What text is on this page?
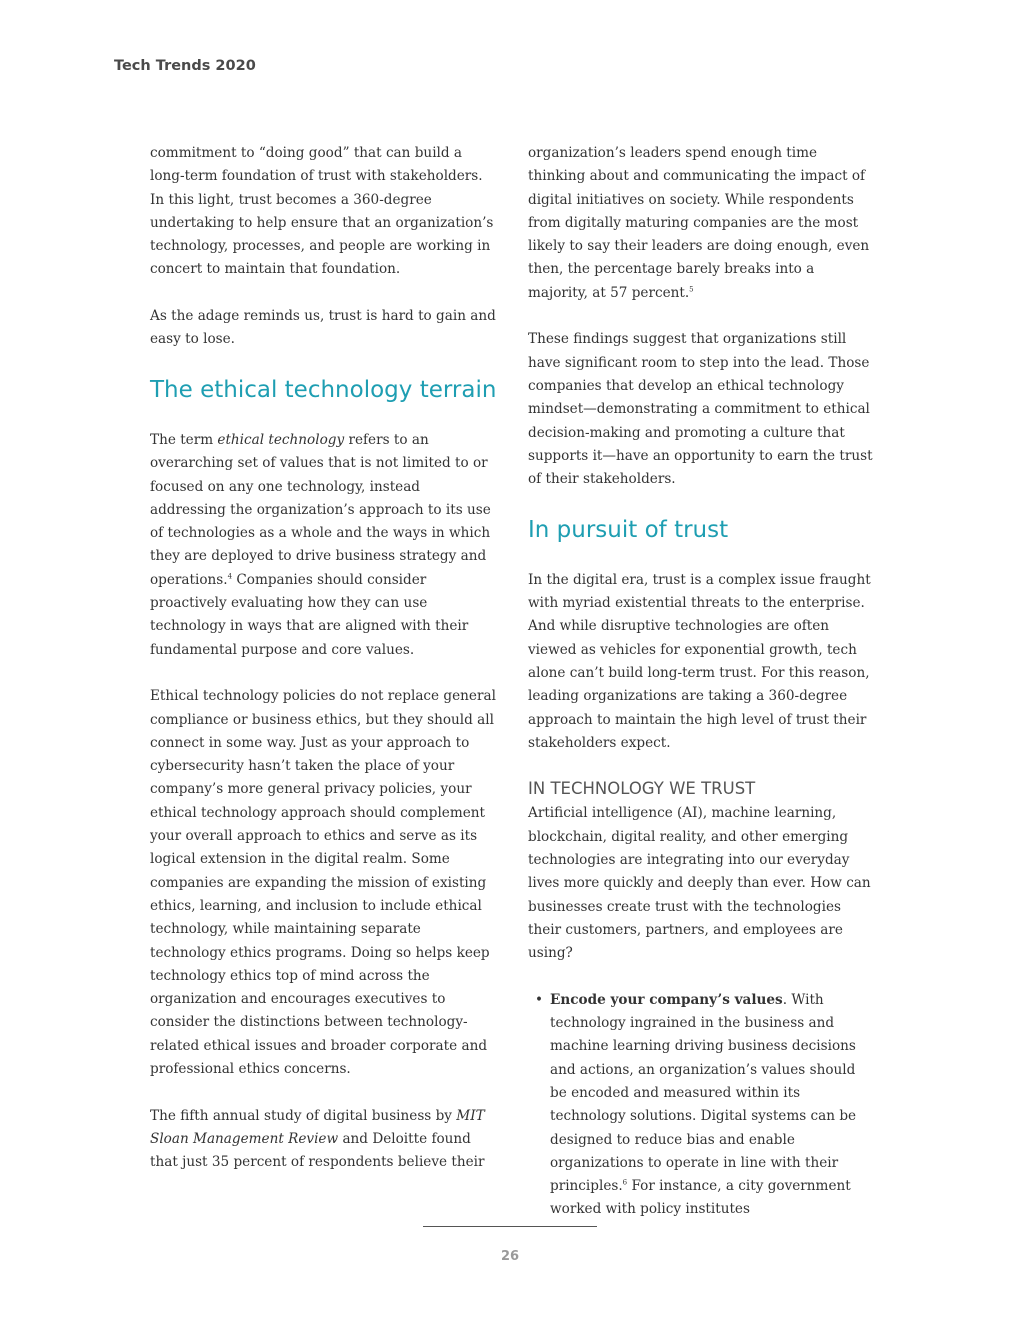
Tech Trends 2020

commitment to “doing good” that can build a long-term foundation of trust with stakeholders. In this light, trust becomes a 360-degree undertaking to help ensure that an organization’s technology, processes, and people are working in concert to maintain that foundation.

As the adage reminds us, trust is hard to gain and easy to lose.

The ethical technology terrain

The term ethical technology refers to an overarching set of values that is not limited to or focused on any one technology, instead addressing the organization’s approach to its use of technologies as a whole and the ways in which they are deployed to drive business strategy and operations.$^4$ Companies should consider proactively evaluating how they can use technology in ways that are aligned with their fundamental purpose and core values.

Ethical technology policies do not replace general compliance or business ethics, but they should all connect in some way. Just as your approach to cybersecurity hasn’t taken the place of your company’s more general privacy policies, your ethical technology approach should complement your overall approach to ethics and serve as its logical extension in the digital realm. Some companies are expanding the mission of existing ethics, learning, and inclusion to include ethical technology, while maintaining separate technology ethics programs. Doing so helps keep technology ethics top of mind across the organization and encourages executives to consider the distinctions between technology-related ethical issues and broader corporate and professional ethics concerns.

The fifth annual study of digital business by MIT Sloan Management Review and Deloitte found that just 35 percent of respondents believe their

organization’s leaders spend enough time thinking about and communicating the impact of digital initiatives on society. While respondents from digitally maturing companies are the most likely to say their leaders are doing enough, even then, the percentage barely breaks into a majority, at 57 percent.$^5$

These findings suggest that organizations still have significant room to step into the lead. Those companies that develop an ethical technology mindset—demonstrating a commitment to ethical decision-making and promoting a culture that supports it—have an opportunity to earn the trust of their stakeholders.

In pursuit of trust

In the digital era, trust is a complex issue fraught with myriad existential threats to the enterprise. And while disruptive technologies are often viewed as vehicles for exponential growth, tech alone can’t build long-term trust. For this reason, leading organizations are taking a 360-degree approach to maintain the high level of trust their stakeholders expect.

IN TECHNOLOGY WE TRUST

Artificial intelligence (AI), machine learning, blockchain, digital reality, and other emerging technologies are integrating into our everyday lives more quickly and deeply than ever. How can businesses create trust with the technologies their customers, partners, and employees are using?

• Encode your company’s values. With technology ingrained in the business and machine learning driving business decisions and actions, an organization’s values should be encoded and measured within its technology solutions. Digital systems can be designed to reduce bias and enable organizations to operate in line with their principles.$^6$ For instance, a city government worked with policy institutes
26
